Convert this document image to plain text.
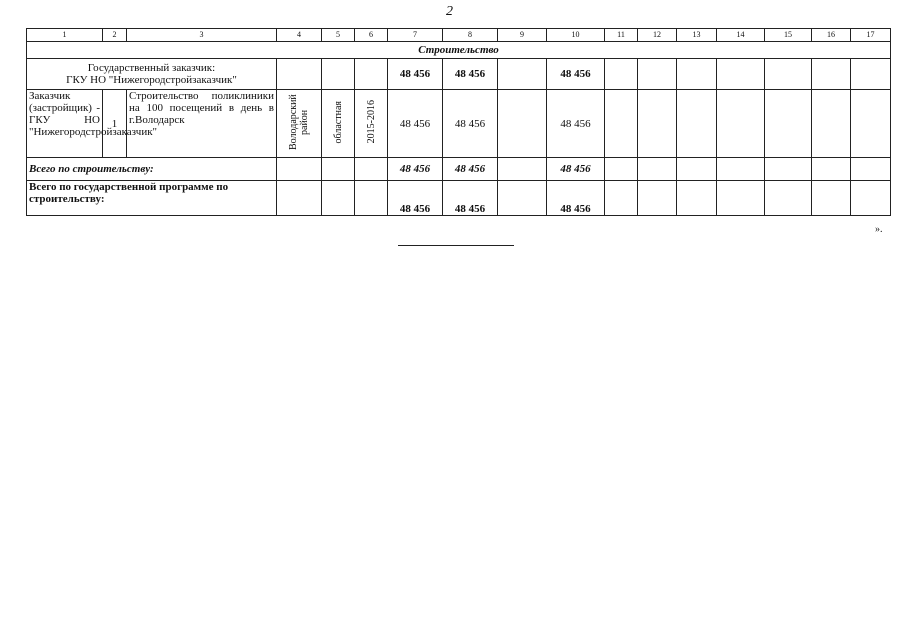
2
1	2	3	4	5	6	7	8	9	10	11	12	13	14	15	16	17
Строительство																
Государственный заказчик:
ГКУ НО "Нижегородстройзаказчик"						48 456	48 456		48 456							
Заказчик (застройщик) - ГКУ НО "Нижегородстройзаказчик"	1	Строительство поликлиники на 100 посещений в день в г.Володарск	Володарский район	областная	2015-2016	48 456	48 456		48 456							
Всего по строительству:						48 456	48 456		48 456							
Всего по государственной программе по строительству:						48 456	48 456		48 456							
».
